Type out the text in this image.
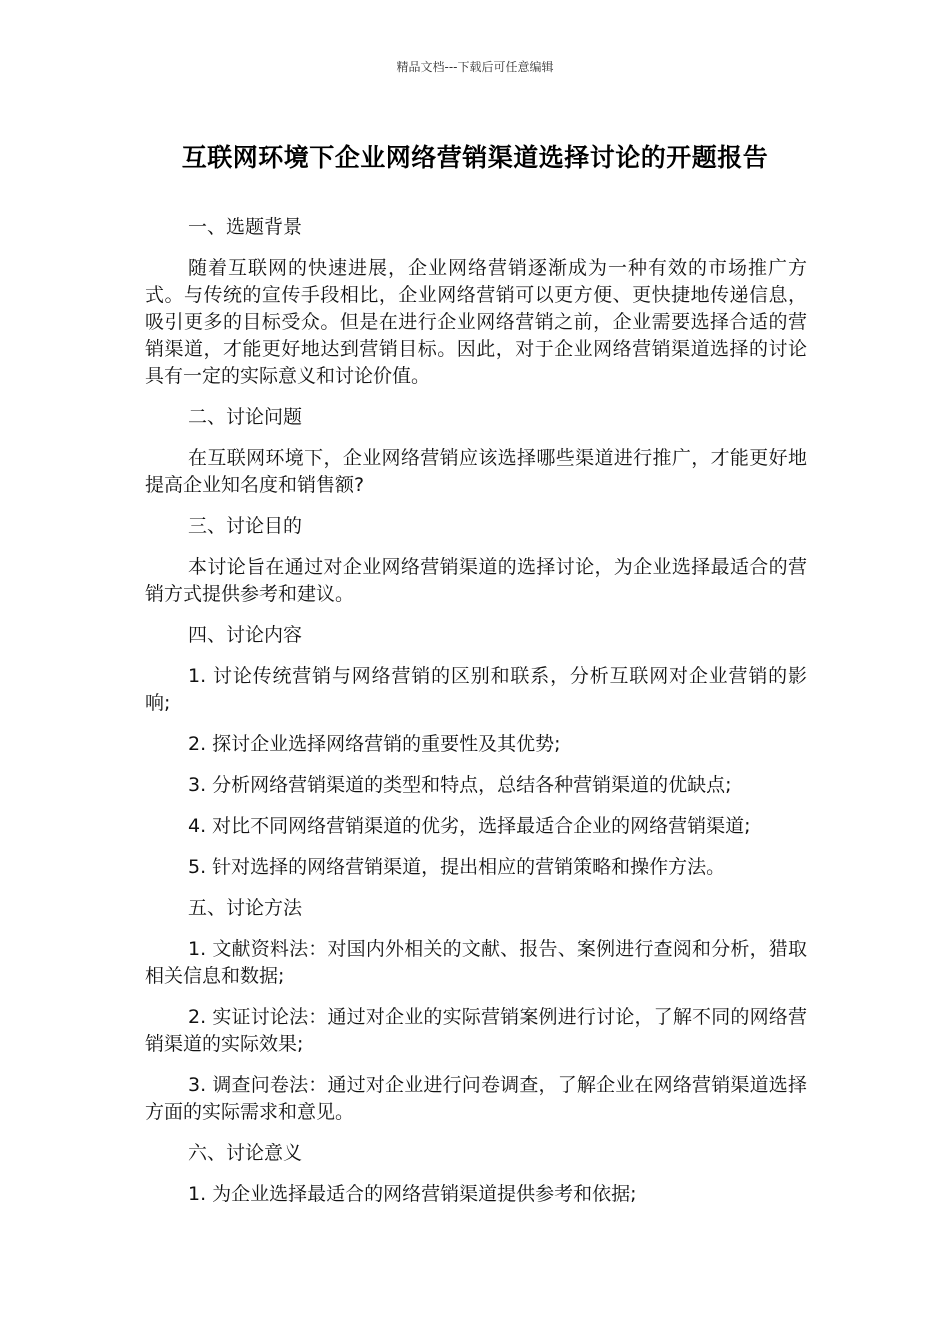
精品文档---下载后可任意编辑
互联网环境下企业网络营销渠道选择讨论的开题报告

一、选题背景

随着互联网的快速进展，企业网络营销逐渐成为一种有效的市场推广方式。与传统的宣传手段相比，企业网络营销可以更方便、更快捷地传递信息，吸引更多的目标受众。但是在进行企业网络营销之前，企业需要选择合适的营销渠道，才能更好地达到营销目标。因此，对于企业网络营销渠道选择的讨论具有一定的实际意义和讨论价值。

二、讨论问题

在互联网环境下，企业网络营销应该选择哪些渠道进行推广，才能更好地提高企业知名度和销售额?

三、讨论目的

本讨论旨在通过对企业网络营销渠道的选择讨论，为企业选择最适合的营销方式提供参考和建议。

四、讨论内容

1. 讨论传统营销与网络营销的区别和联系，分析互联网对企业营销的影响;

2. 探讨企业选择网络营销的重要性及其优势;

3. 分析网络营销渠道的类型和特点，总结各种营销渠道的优缺点;

4. 对比不同网络营销渠道的优劣，选择最适合企业的网络营销渠道;

5. 针对选择的网络营销渠道，提出相应的营销策略和操作方法。

五、讨论方法

1. 文献资料法：对国内外相关的文献、报告、案例进行查阅和分析，猎取相关信息和数据;

2. 实证讨论法：通过对企业的实际营销案例进行讨论，了解不同的网络营销渠道的实际效果;

3. 调查问卷法：通过对企业进行问卷调查，了解企业在网络营销渠道选择方面的实际需求和意见。

六、讨论意义

1. 为企业选择最适合的网络营销渠道提供参考和依据;
